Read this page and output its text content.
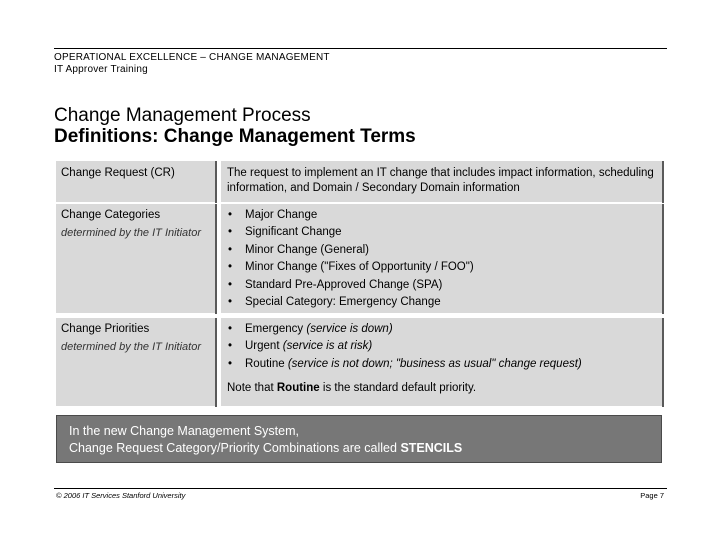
OPERATIONAL EXCELLENCE – CHANGE MANAGEMENT
IT Approver Training
Change Management Process
Definitions: Change Management Terms
Change Request (CR)	The request to implement an IT change that includes impact information, scheduling information, and Domain / Secondary Domain information
Change Categories
determined by the IT Initiator
• Major Change
• Significant Change
• Minor Change (General)
• Minor Change ("Fixes of Opportunity / FOO")
• Standard Pre-Approved Change (SPA)
• Special Category: Emergency Change
Change Priorities
determined by the IT Initiator
• Emergency (service is down)
• Urgent (service is at risk)
• Routine (service is not down; "business as usual" change request)
Note that Routine is the standard default priority.
In the new Change Management System,
Change Request Category/Priority Combinations are called STENCILS
© 2006 IT Services Stanford University	Page 7
